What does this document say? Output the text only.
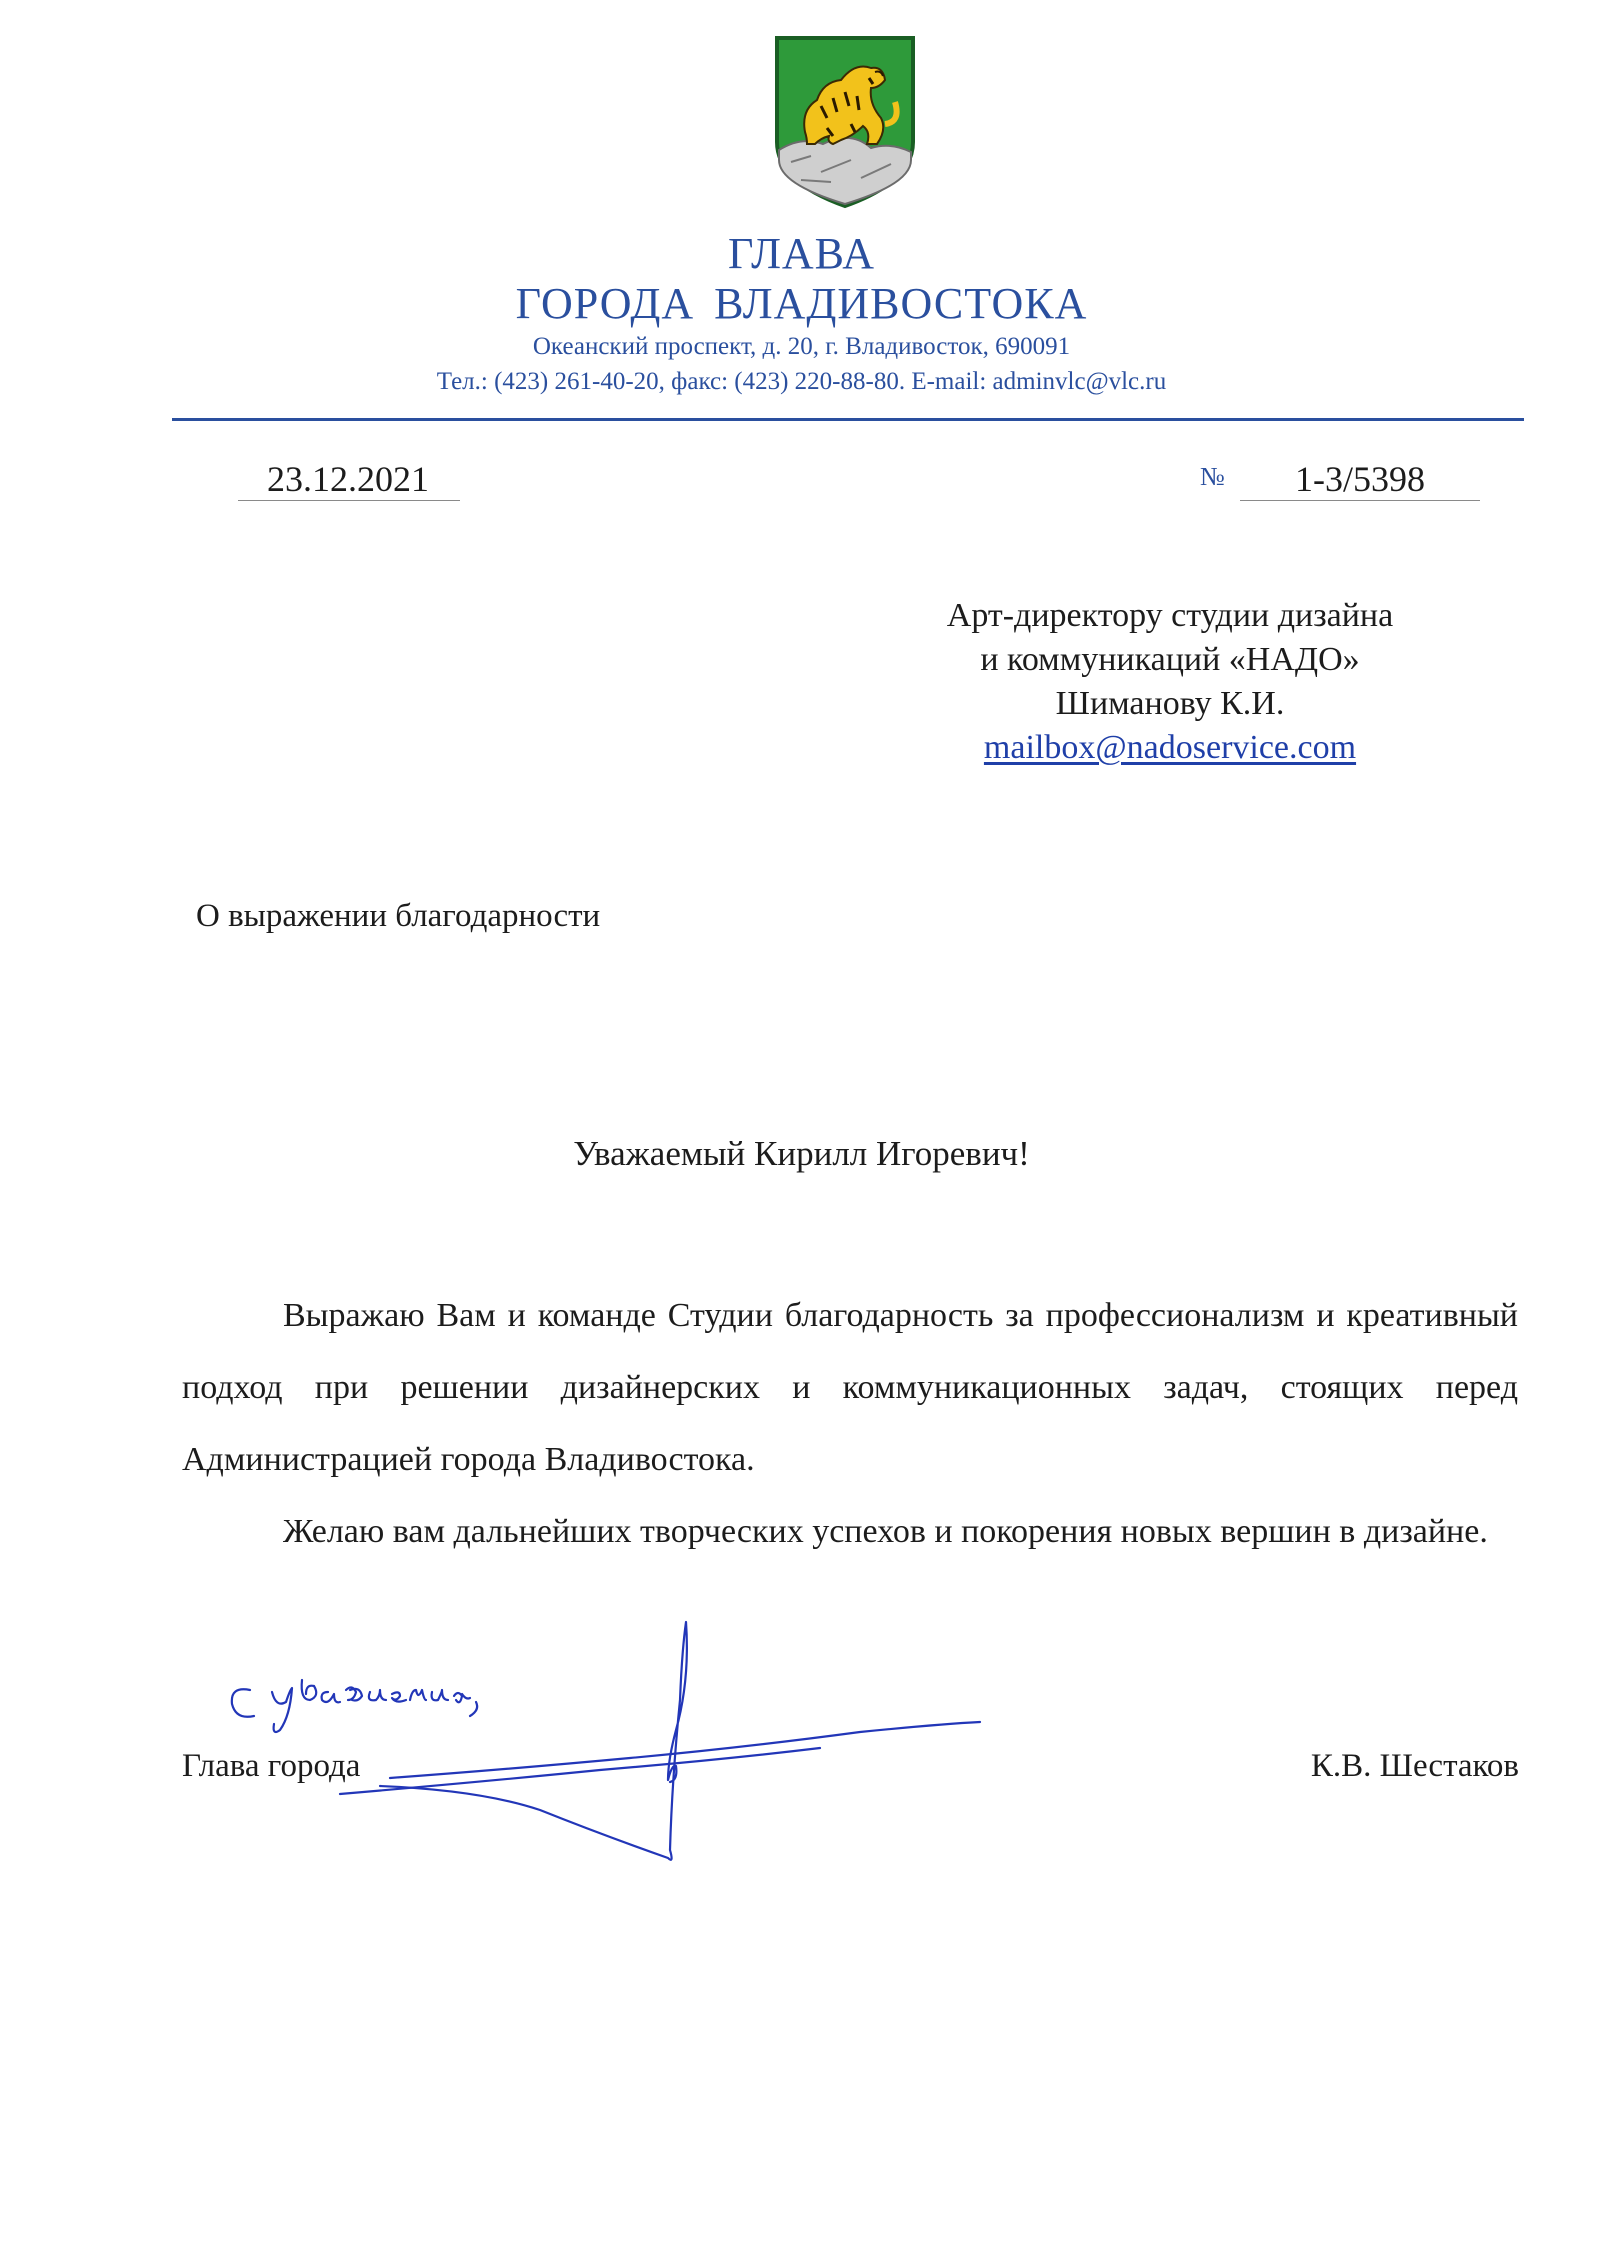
ГЛАВА
ГОРОДА ВЛАДИВОСТОКА
Океанский проспект, д. 20, г. Владивосток, 690091
Тел.: (423) 261-40-20, факс: (423) 220-88-80. E-mail: adminvlc@vlc.ru
23.12.2021	№	1-3/5398
Арт-директору студии дизайна
и коммуникаций «НАДО»
Шиманову К.И.
mailbox@nadoservice.com
О выражении благодарности
Уважаемый Кирилл Игоревич!

Выражаю Вам и команде Студии благодарность за профессионализм и креативный подход при решении дизайнерских и коммуникационных задач, стоящих перед Администрацией города Владивостока.

Желаю вам дальнейших творческих успехов и покорения новых вершин в дизайне.

Глава города	К.В. Шестаков
